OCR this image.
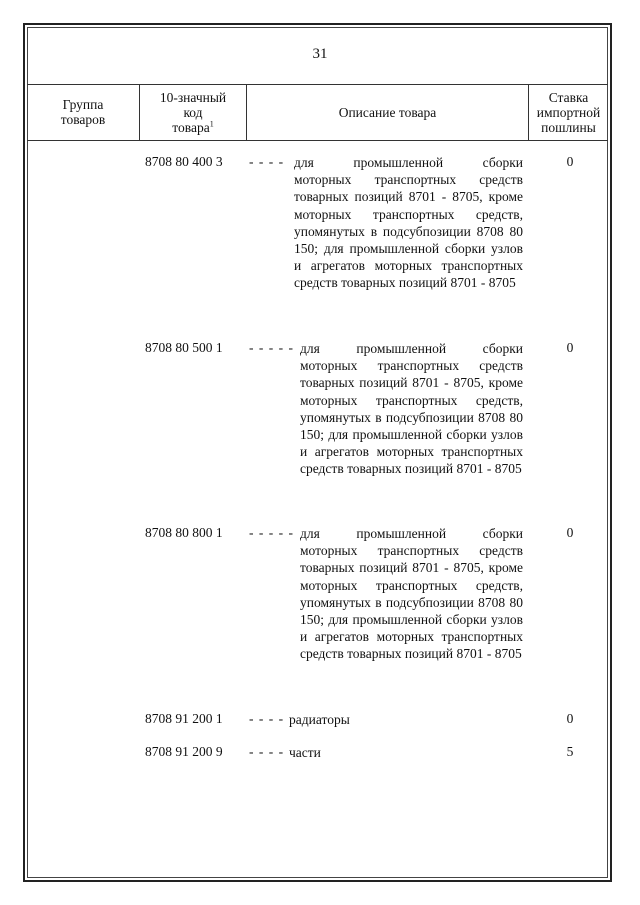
31
Группа
товаров
10-значный
код
товара$^1$
Описание товара
Ставка
импортной
пошлины
8708 80 400 3 - - - - для промышленной сборки
моторных транспортных средств товарных позиций 8701 - 8705, кроме моторных транспортных средств, упомянутых в подсубпозиции 8708 80 150; для промышленной сборки узлов и агрегатов моторных транспортных средств товарных позиций 8701 - 8705
0
8708 80 500 1 - - - - - для промышленной сборки
моторных транспортных средств товарных позиций 8701 - 8705, кроме моторных транспортных средств, упомянутых в подсубпозиции 8708 80 150; для промышленной сборки узлов и агрегатов моторных транспортных средств товарных позиций 8701 - 8705
0
8708 80 800 1 - - - - - для промышленной сборки
моторных транспортных средств товарных позиций 8701 - 8705, кроме моторных транспортных средств, упомянутых в подсубпозиции 8708 80 150; для промышленной сборки узлов и агрегатов моторных транспортных средств товарных позиций 8701 - 8705
0
8708 91 200 1 - - - - радиаторы	0
8708 91 200 9 - - - - части	5
